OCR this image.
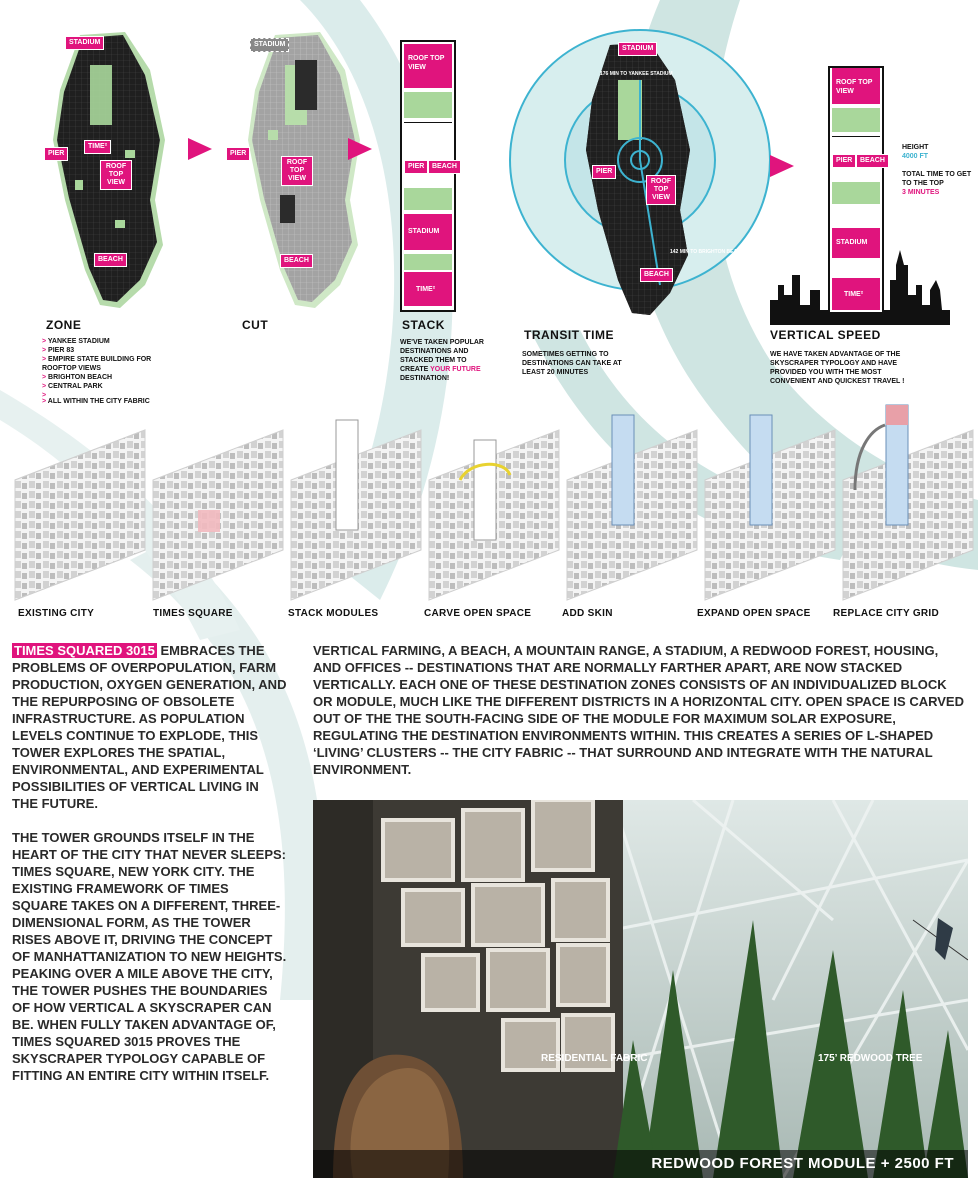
STADIUM
TIME²
PIER
ROOF TOP VIEW
BEACH
ZONE
> YANKEE STADIUM
> PIER 83
> EMPIRE STATE BUILDING FOR ROOFTOP VIEWS
> BRIGHTON BEACH
> CENTRAL PARK
>
> ALL WITHIN THE CITY FABRIC
STADIUM
PIER
ROOF TOP VIEW
BEACH
CUT
ROOF TOP VIEW
PIER	BEACH
STADIUM
TIME²
STACK
WE'VE TAKEN POPULAR DESTINATIONS AND STACKED THEM TO CREATE YOUR FUTURE DESTINATION!
STADIUM
PIER
ROOF TOP VIEW
BEACH
176 MIN TO YANKEE STADIUM
142 MIN TO BRIGHTON BEACH
TRANSIT TIME
SOMETIMES GETTING TO DESTINATIONS CAN TAKE AT LEAST 20 MINUTES
ROOF TOP VIEW
PIER	BEACH
STADIUM
TIME²
HEIGHT
4000 FT
TOTAL TIME TO GET TO THE TOP
3 MINUTES
VERTICAL SPEED
WE HAVE TAKEN ADVANTAGE OF THE SKYSCRAPER TYPOLOGY AND HAVE PROVIDED YOU WITH THE MOST CONVENIENT AND QUICKEST TRAVEL !
EXISTING CITY	TIMES SQUARE	STACK MODULES	CARVE OPEN SPACE	ADD SKIN	EXPAND OPEN SPACE REPLACE CITY GRID
TIMES SQUARED 3015 EMBRACES THE PROBLEMS OF OVERPOPULATION, FARM PRODUCTION, OXYGEN GENERATION, AND THE REPURPOSING OF OBSOLETE INFRASTRUCTURE. AS POPULATION LEVELS CONTINUE TO EXPLODE, THIS TOWER EXPLORES THE SPATIAL, ENVIRONMENTAL, AND EXPERIMENTAL POSSIBILITIES OF VERTICAL LIVING IN THE FUTURE.
THE TOWER GROUNDS ITSELF IN THE HEART OF THE CITY THAT NEVER SLEEPS: TIMES SQUARE, NEW YORK CITY. THE EXISTING FRAMEWORK OF TIMES SQUARE TAKES ON A DIFFERENT, THREE-DIMENSIONAL FORM, AS THE TOWER RISES ABOVE IT, DRIVING THE CONCEPT OF MANHATTANIZATION TO NEW HEIGHTS. PEAKING OVER A MILE ABOVE THE CITY, THE TOWER PUSHES THE BOUNDARIES OF HOW VERTICAL A SKYSCRAPER CAN BE. WHEN FULLY TAKEN ADVANTAGE OF, TIMES SQUARED 3015 PROVES THE SKYSCRAPER TYPOLOGY CAPABLE OF FITTING AN ENTIRE CITY WITHIN ITSELF.
VERTICAL FARMING, A BEACH, A MOUNTAIN RANGE, A STADIUM, A REDWOOD FOREST, HOUSING, AND OFFICES -- DESTINATIONS THAT ARE NORMALLY FARTHER APART, ARE NOW STACKED VERTICALLY. EACH ONE OF THESE DESTINATION ZONES CONSISTS OF AN INDIVIDUALIZED BLOCK OR MODULE, MUCH LIKE THE DIFFERENT DISTRICTS IN A HORIZONTAL CITY. OPEN SPACE IS CARVED OUT OF THE THE SOUTH-FACING SIDE OF THE MODULE FOR MAXIMUM SOLAR EXPOSURE, REGULATING THE DESTINATION ENVIRONMENTS WITHIN. THIS CREATES A SERIES OF L-SHAPED ‘LIVING’ CLUSTERS -- THE CITY FABRIC -- THAT SURROUND AND INTEGRATE WITH THE NATURAL ENVIRONMENT.
RESIDENTIAL FABRIC	175’ REDWOOD TREE
REDWOOD FOREST MODULE + 2500 FT
